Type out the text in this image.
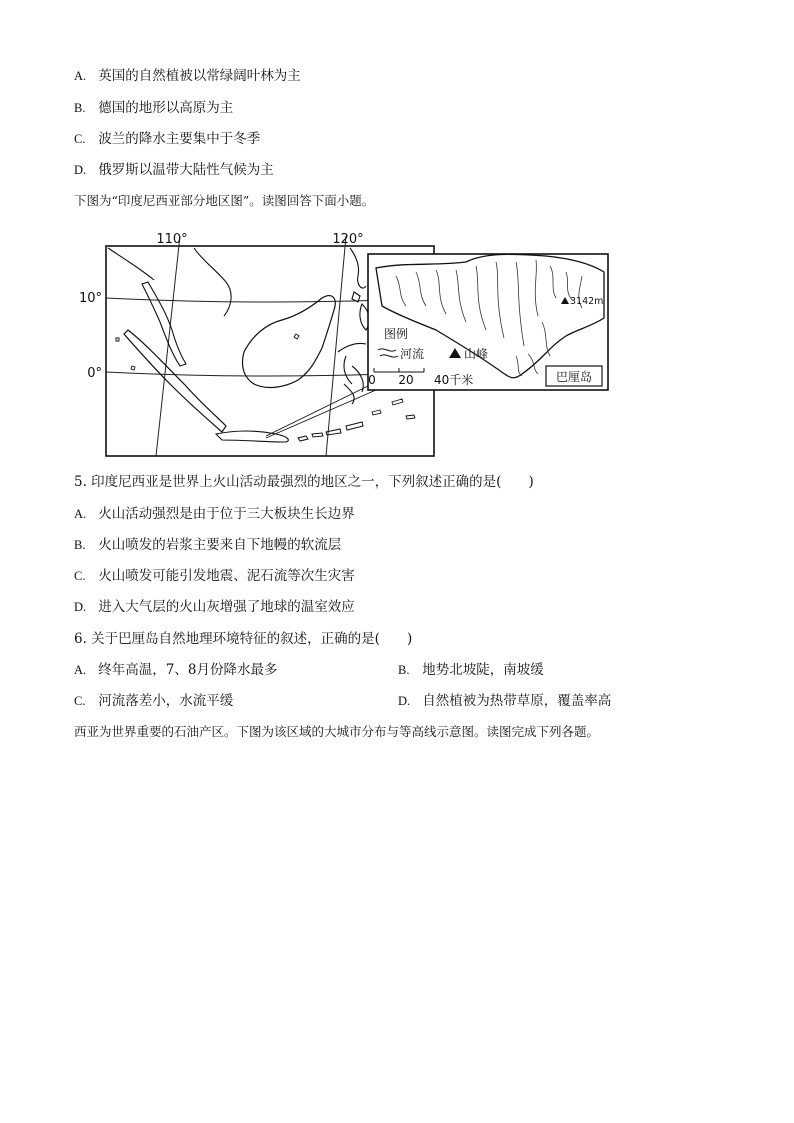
A. 英国的自然植被以常绿阔叶林为主
B. 德国的地形以高原为主
C. 波兰的降水主要集中于冬季
D. 俄罗斯以温带大陆性气候为主
下图为“印度尼西亚部分地区图”。读图回答下面小题。
110°	120°
10°
0°
3142m
图例
河流	山峰
0 20 40千米	巴厘岛
5. 印度尼西亚是世界上火山活动最强烈的地区之一，下列叙述正确的是(　　)
A. 火山活动强烈是由于位于三大板块生长边界
B. 火山喷发的岩浆主要来自下地幔的软流层
C. 火山喷发可能引发地震、泥石流等次生灾害
D. 进入大气层的火山灰增强了地球的温室效应
6. 关于巴厘岛自然地理环境特征的叙述，正确的是(　　)
A. 终年高温，7、8月份降水最多	B. 地势北坡陡，南坡缓
C. 河流落差小，水流平缓	D. 自然植被为热带草原，覆盖率高
西亚为世界重要的石油产区。下图为该区域的大城市分布与等高线示意图。读图完成下列各题。
